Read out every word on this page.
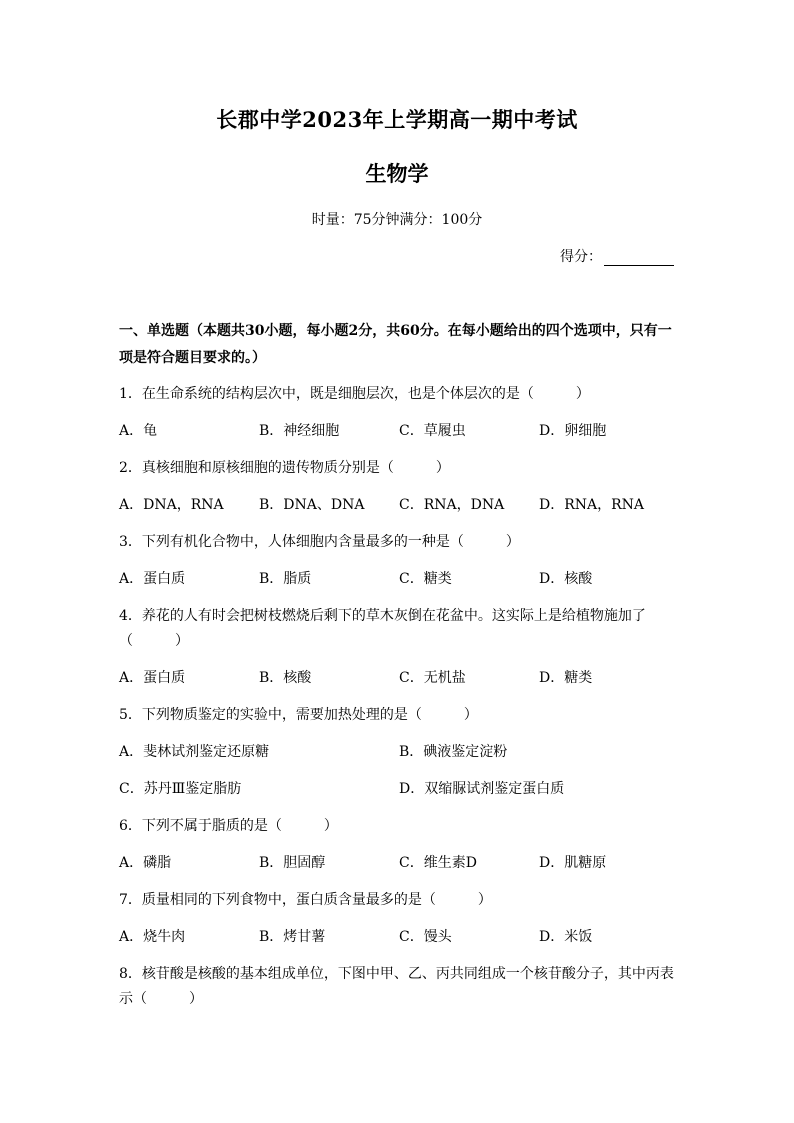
长郡中学2023年上学期高一期中考试
生物学
时量：75分钟满分：100分
得分：
一、单选题（本题共30小题，每小题2分，共60分。在每小题给出的四个选项中，只有一项是符合题目要求的。）
1．在生命系统的结构层次中，既是细胞层次，也是个体层次的是（　　　）
A．龟	B．神经细胞	C．草履虫	D．卵细胞
2．真核细胞和原核细胞的遗传物质分别是（　　　）
A．DNA，RNA	B．DNA、DNA	C．RNA，DNA	D．RNA，RNA
3．下列有机化合物中，人体细胞内含量最多的一种是（　　　）
A．蛋白质	B．脂质	C．糖类	D．核酸
4．养花的人有时会把树枝燃烧后剩下的草木灰倒在花盆中。这实际上是给植物施加了（　　　）
A．蛋白质	B．核酸	C．无机盐	D．糖类
5．下列物质鉴定的实验中，需要加热处理的是（　　　）
A．斐林试剂鉴定还原糖	B．碘液鉴定淀粉
C．苏丹Ⅲ鉴定脂肪	D．双缩脲试剂鉴定蛋白质
6．下列不属于脂质的是（　　　）
A．磷脂	B．胆固醇	C．维生素D	D．肌糖原
7．质量相同的下列食物中，蛋白质含量最多的是（　　　）
A．烧牛肉	B．烤甘薯	C．馒头	D．米饭
8．核苷酸是核酸的基本组成单位，下图中甲、乙、丙共同组成一个核苷酸分子，其中丙表示（　　　）
